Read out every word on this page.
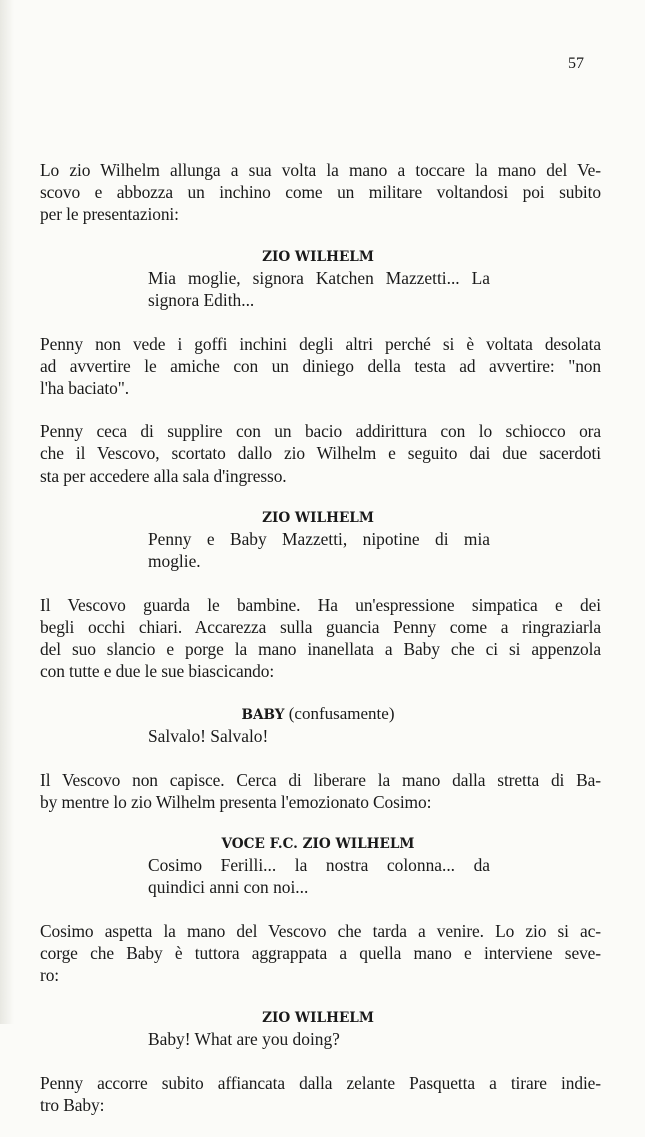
57
Lo zio Wilhelm allunga a sua volta la mano a toccare la mano del Ve-
scovo e abbozza un inchino come un militare voltandosi poi subito
per le presentazioni:
ZIO WILHELM
Mia moglie, signora Katchen Mazzetti... La
signora Edith...
Penny non vede i goffi inchini degli altri perché si è voltata desolata
ad avvertire le amiche con un diniego della testa ad avvertire: "non
l'ha baciato".
Penny ceca di supplire con un bacio addirittura con lo schiocco ora
che il Vescovo, scortato dallo zio Wilhelm e seguito dai due sacerdoti
sta per accedere alla sala d'ingresso.
ZIO WILHELM
Penny e Baby Mazzetti, nipotine di mia
moglie.
Il Vescovo guarda le bambine. Ha un'espressione simpatica e dei
begli occhi chiari. Accarezza sulla guancia Penny come a ringraziarla
del suo slancio e porge la mano inanellata a Baby che ci si appenzola
con tutte e due le sue biascicando:
BABY (confusamente)
Salvalo! Salvalo!
Il Vescovo non capisce. Cerca di liberare la mano dalla stretta di Ba-
by mentre lo zio Wilhelm presenta l'emozionato Cosimo:
VOCE F.C. ZIO WILHELM
Cosimo Ferilli... la nostra colonna... da
quindici anni con noi...
Cosimo aspetta la mano del Vescovo che tarda a venire. Lo zio si ac-
corge che Baby è tuttora aggrappata a quella mano e interviene seve-
ro:
ZIO WILHELM
Baby! What are you doing?
Penny accorre subito affiancata dalla zelante Pasquetta a tirare indie-
tro Baby:
